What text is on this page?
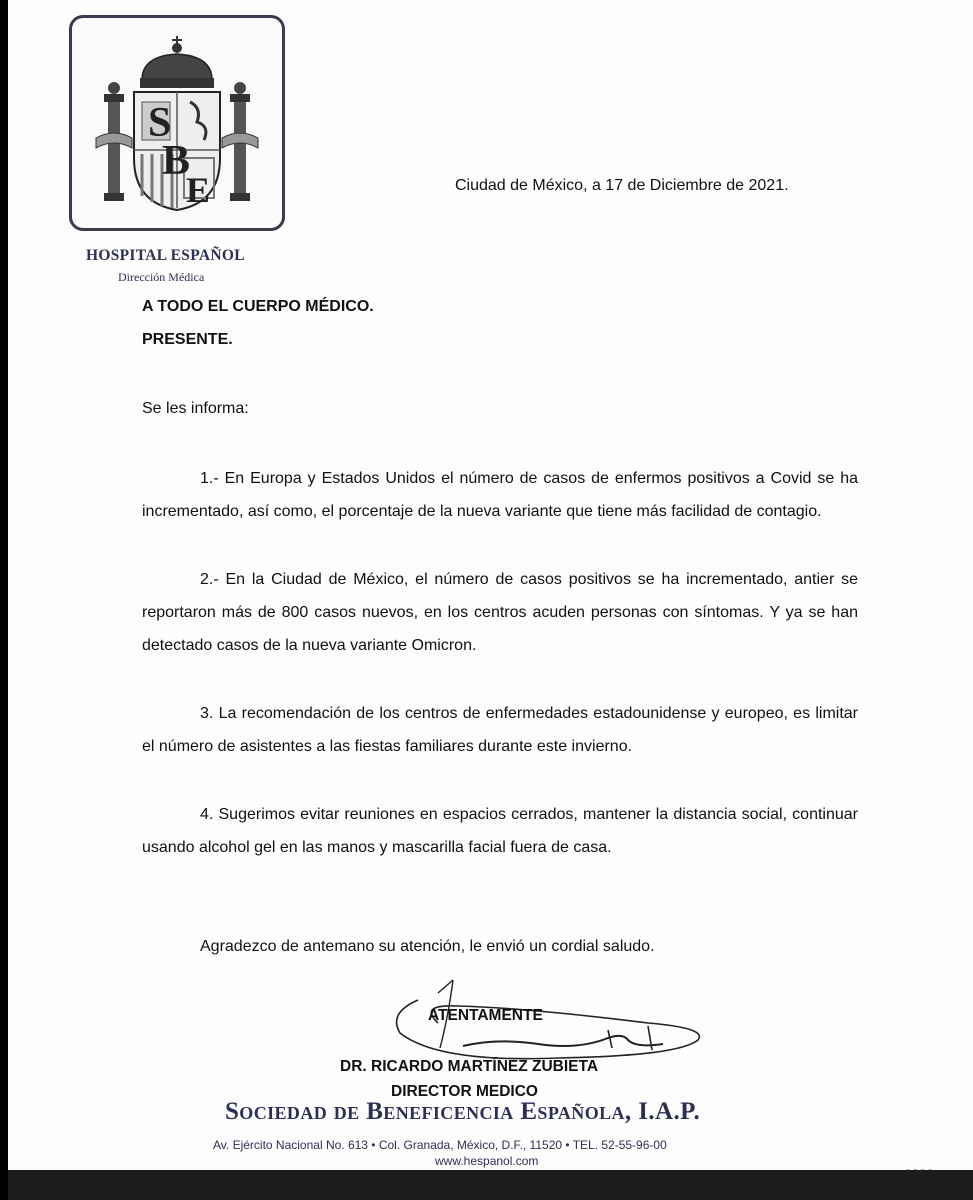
S
B
E
HOSPITAL ESPAÑOL
Dirección Médica
Ciudad de México, a 17 de Diciembre de 2021.
A TODO EL CUERPO MÉDICO.
PRESENTE.
Se les informa:

1.- En Europa y Estados Unidos el número de casos de enfermos positivos a Covid se ha incrementado, así como, el porcentaje de la nueva variante que tiene más facilidad de contagio.

2.- En la Ciudad de México, el número de casos positivos se ha incrementado, antier se reportaron más de 800 casos nuevos, en los centros acuden personas con síntomas. Y ya se han detectado casos de la nueva variante Omicron.

3. La recomendación de los centros de enfermedades estadounidense y europeo, es limitar el número de asistentes a las fiestas familiares durante este invierno.

4. Sugerimos evitar reuniones en espacios cerrados, mantener la distancia social, continuar usando alcohol gel en las manos y mascarilla facial fuera de casa.

Agradezco de antemano su atención, le envió un cordial saludo.
ATENTAMENTE
DR. RICARDO MARTÍNEZ ZUBIETA
DIRECTOR MEDICO
Sociedad de Beneficencia Española, I.A.P.
Av. Ejército Nacional No. 613 • Col. Granada, México, D.F., 11520 • TEL. 52-55-96-00
www.hespanol.com
- - - -
